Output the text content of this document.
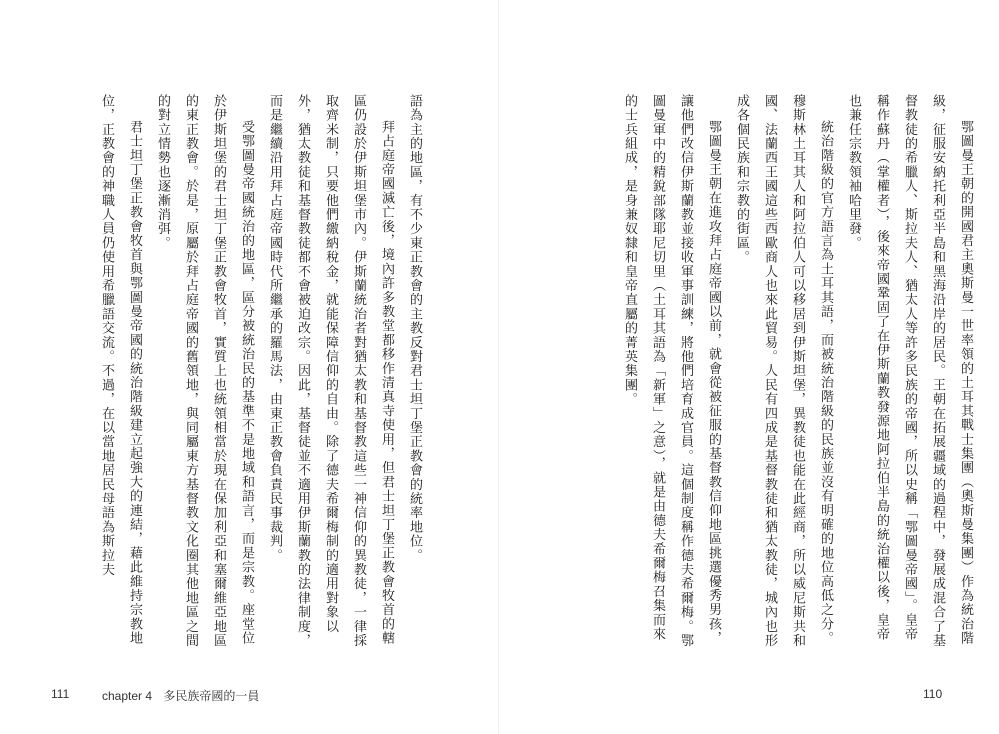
語為主的地區，有不少東正教會的主教反對君士坦丁堡正教會的統率地位。

拜占庭帝國滅亡後，境內許多教堂都移作清真寺使用，但君士坦丁堡正教會牧首的轄區仍設於伊斯坦堡市內。伊斯蘭統治者對猶太教和基督教這些一神信仰的異教徒，一律採取齊米制，只要他們繳納稅金，就能保障信仰的自由。除了德夫希爾梅制的適用對象以外，猶太教徒和基督教徒都不會被迫改宗。因此，基督徒並不適用伊斯蘭教的法律制度，而是繼續沿用拜占庭帝國時代所繼承的羅馬法，由東正教會負責民事裁判。

受鄂圖曼帝國統治的地區，區分被統治民的基準不是地域和語言，而是宗教。座堂位於伊斯坦堡的君士坦丁堡正教會牧首，實質上也統領相當於現在保加利亞和塞爾維亞地區的東正教會。於是，原屬於拜占庭帝國的舊領地，與同屬東方基督教文化圈其他地區之間的對立情勢也逐漸消弭。

君士坦丁堡正教會牧首與鄂圖曼帝國的統治階級建立起強大的連結，藉此維持宗教地位，正教會的神職人員仍使用希臘語交流。不過，在以當地居民母語為斯拉夫

111	chapter 4 多民族帝國的一員

鄂圖曼王朝的開國君主奧斯曼一世率領的土耳其戰士集團（奧斯曼集團）作為統治階級，征服安納托利亞半島和黑海沿岸的居民。王朝在拓展疆域的過程中，發展成混合了基督教徒的希臘人、斯拉夫人、猶太人等許多民族的帝國，所以史稱「鄂圖曼帝國」。皇帝稱作蘇丹（掌權者），後來帝國鞏固了在伊斯蘭教發源地阿拉伯半島的統治權以後，皇帝也兼任宗教領袖哈里發。

統治階級的官方語言為土耳其語，而被統治階級的民族並沒有明確的地位高低之分。穆斯林土耳其人和阿拉伯人可以移居到伊斯坦堡，異教徒也能在此經商，所以威尼斯共和國、法蘭西王國這些西歐商人也來此貿易。人民有四成是基督教徒和猶太教徒，城內也形成各個民族和宗教的街區。

鄂圖曼王朝在進攻拜占庭帝國以前，就會從被征服的基督教信仰地區挑選優秀男孩，讓他們改信伊斯蘭教並接收軍事訓練，將他們培育成官員。這個制度稱作德夫希爾梅。鄂圖曼軍中的精銳部隊耶尼切里（土耳其語為「新軍」之意），就是由德夫希爾梅召集而來的士兵組成，是身兼奴隸和皇帝直屬的菁英集團。

110
